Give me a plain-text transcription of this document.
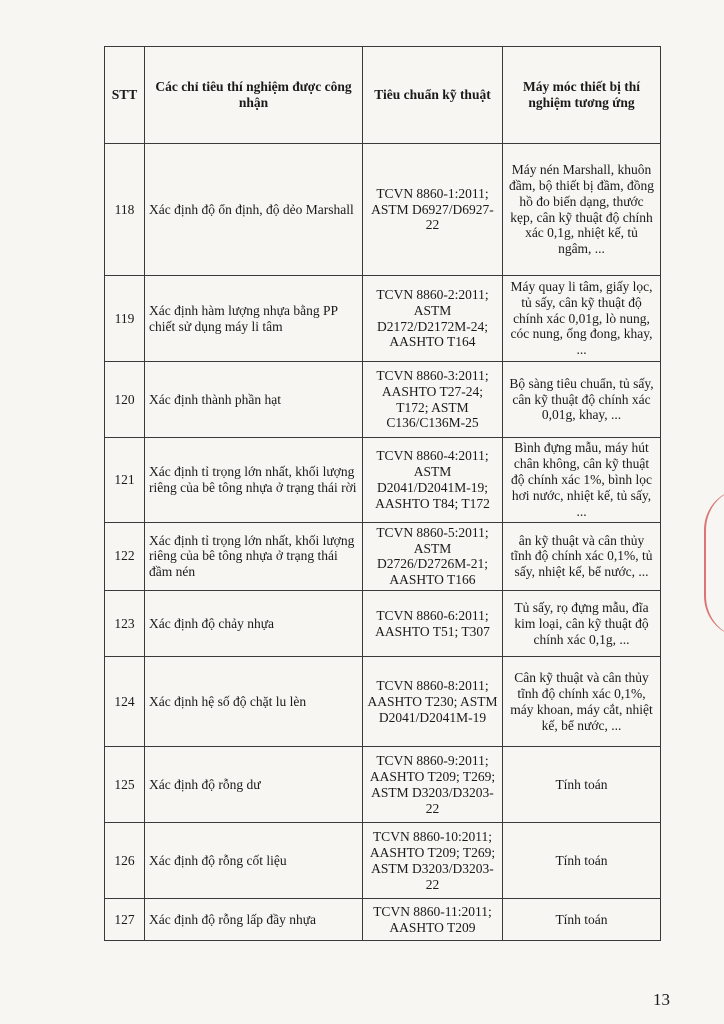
STT	Các chỉ tiêu thí nghiệm được công nhận	Tiêu chuẩn kỹ thuật	Máy móc thiết bị thí nghiệm tương ứng
118	Xác định độ ổn định, độ dẻo Marshall	TCVN 8860-1:2011; ASTM D6927/D6927-22	Máy nén Marshall, khuôn đầm, bộ thiết bị đầm, đồng hồ đo biến dạng, thước kẹp, cân kỹ thuật độ chính xác 0,1g, nhiệt kế, tủ ngâm, ...
119	Xác định hàm lượng nhựa bằng PP chiết sử dụng máy li tâm	TCVN 8860-2:2011; ASTM D2172/D2172M-24; AASHTO T164	Máy quay li tâm, giấy lọc, tủ sấy, cân kỹ thuật độ chính xác 0,01g, lò nung, cóc nung, ống đong, khay, ...
120	Xác định thành phần hạt	TCVN 8860-3:2011; AASHTO T27-24; T172; ASTM C136/C136M-25	Bộ sàng tiêu chuẩn, tủ sấy, cân kỹ thuật độ chính xác 0,01g, khay, ...
121	Xác định tỉ trọng lớn nhất, khối lượng riêng của bê tông nhựa ở trạng thái rời	TCVN 8860-4:2011; ASTM D2041/D2041M-19; AASHTO T84; T172	Bình đựng mẫu, máy hút chân không, cân kỹ thuật độ chính xác 1%, bình lọc hơi nước, nhiệt kế, tủ sấy, ...
122	Xác định tỉ trọng lớn nhất, khối lượng riêng của bê tông nhựa ở trạng thái đầm nén	TCVN 8860-5:2011; ASTM D2726/D2726M-21; AASHTO T166	ân kỹ thuật và cân thủy tĩnh độ chính xác 0,1%, tủ sấy, nhiệt kế, bể nước, ...
123	Xác định độ chảy nhựa	TCVN 8860-6:2011; AASHTO T51; T307	Tủ sấy, rọ đựng mẫu, đĩa kim loại, cân kỹ thuật độ chính xác 0,1g, ...
124	Xác định hệ số độ chặt lu lèn	TCVN 8860-8:2011; AASHTO T230; ASTM D2041/D2041M-19	Cân kỹ thuật và cân thủy tĩnh độ chính xác 0,1%, máy khoan, máy cắt, nhiệt kế, bể nước, ...
125	Xác định độ rỗng dư	TCVN 8860-9:2011; AASHTO T209; T269; ASTM D3203/D3203-22	Tính toán
126	Xác định độ rỗng cốt liệu	TCVN 8860-10:2011; AASHTO T209; T269; ASTM D3203/D3203-22	Tính toán
127	Xác định độ rỗng lấp đầy nhựa	TCVN 8860-11:2011; AASHTO T209	Tính toán
13
